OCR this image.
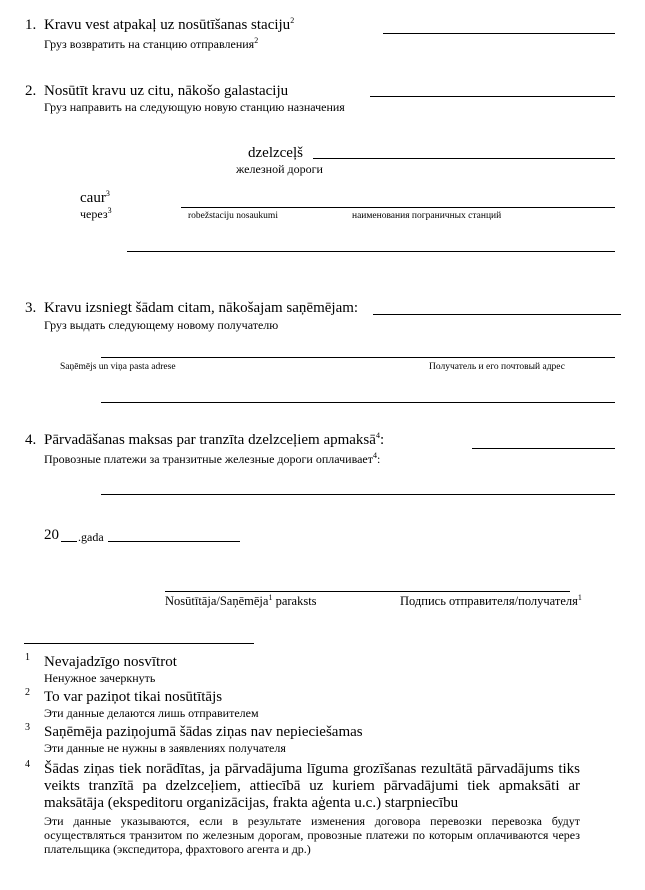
1. Kravu vest atpakaļ uz nosūtīšanas staciju$^2$
Груз возвратить на станцию отправления$^2$
2. Nosūtīt kravu uz citu, nākošo galastaciju
Груз направить на следующую новую станцию назначения
dzelzceļš
железной дороги
caur$^3$
через$^3$
robežstaciju nosaukumi	наименования пограничных станций
3. Kravu izsniegt šādam citam, nākošajam saņēmējam:
Груз выдать следующему новому получателю
Saņēmējs un viņa pasta adrese	Получатель и его почтовый адрес
4. Pārvadāšanas maksas par tranzīta dzelzceļiem apmaksā$^4$:
Провозные платежи за транзитные железные дороги оплачивает$^4$:
20 .gada
Nosūtītāja/Saņēmēja$^1$ paraksts	Подпись отправителя/получателя$^1$
1 Nevajadzīgo nosvītrot
Ненужное зачеркнуть
2 To var paziņot tikai nosūtītājs
Эти данные делаются лишь отправителем
3 Saņēmēja paziņojumā šādas ziņas nav nepieciešamas
Эти данные не нужны в заявлениях получателя
4 Šādas ziņas tiek norādītas, ja pārvadājuma līguma grozīšanas rezultātā pārvadājums tiks veikts tranzītā pa dzelzceļiem, attiecībā uz kuriem pārvadājumi tiek apmaksāti ar maksātāja (ekspeditoru organizācijas, frakta aģenta u.c.) starpniecību
Эти данные указываются, если в результате изменения договора перевозки перевозка будут осуществляться транзитом по железным дорогам, провозные платежи по которым оплачиваются через плательщика (экспедитора, фрахтового агента и др.)
